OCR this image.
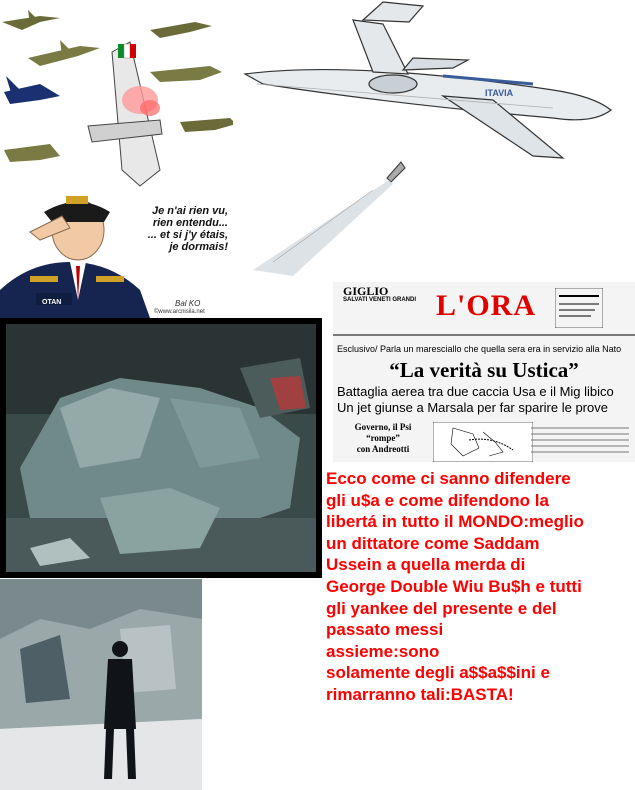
Je n'ai rien vu,
rien entendu...
... et si j'y étais,
je dormais!
OTAN	Bal KO
©www.arcnisila.net
ITAVIA
GIGLIO
SALVATI VENETI GRANDI L'ORA
Esclusivo/ Parla un maresciallo che quella sera era in servizio alla Nato
“La verità su Ustica”
Battaglia aerea tra due caccia Usa e il Mig libico
Un jet giunse a Marsala per far sparire le prove
Governo, il Psi
“rompe”
con Andreotti
Ecco come ci sanno difendere
gli u$a e come difendono la
libertá in tutto il MONDO:meglio
un dittatore come Saddam
Ussein a quella merda di
George Double Wiu Bu$h e tutti
gli yankee del presente e del
passato messi
assieme:sono
solamente degli a$$a$$ini e
rimarranno tali:BASTA!
